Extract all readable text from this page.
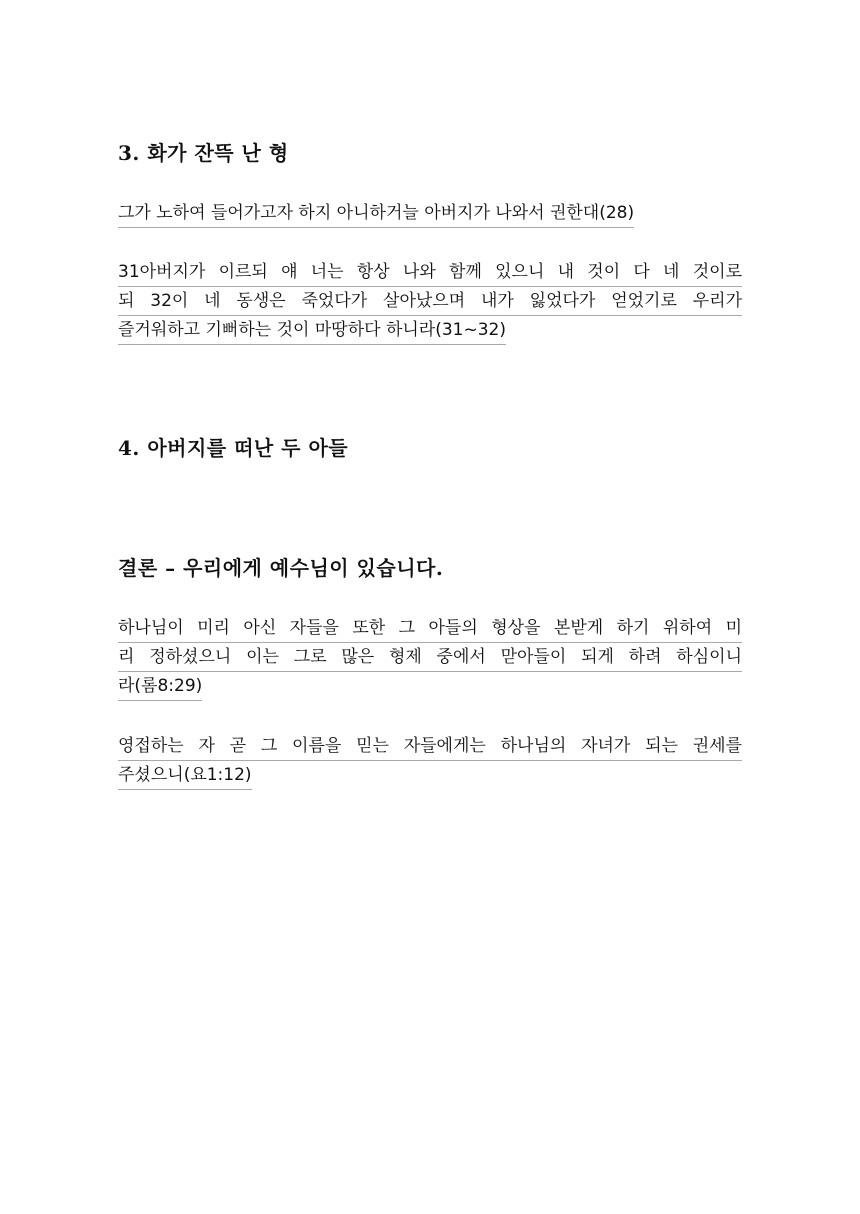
3. 화가 잔뜩 난 형
그가 노하여 들어가고자 하지 아니하거늘 아버지가 나와서 권한대(28)
31아버지가 이르되 얘 너는 항상 나와 함께 있으니 내 것이 다 네 것이로
되 32이 네 동생은 죽었다가 살아났으며 내가 잃었다가 얻었기로 우리가
즐거워하고 기뻐하는 것이 마땅하다 하니라(31~32)
4. 아버지를 떠난 두 아들
결론 – 우리에게 예수님이 있습니다.
하나님이 미리 아신 자들을 또한 그 아들의 형상을 본받게 하기 위하여 미
리 정하셨으니 이는 그로 많은 형제 중에서 맏아들이 되게 하려 하심이니
라(롬8:29)
영접하는 자 곧 그 이름을 믿는 자들에게는 하나님의 자녀가 되는 권세를
주셨으니(요1:12)
